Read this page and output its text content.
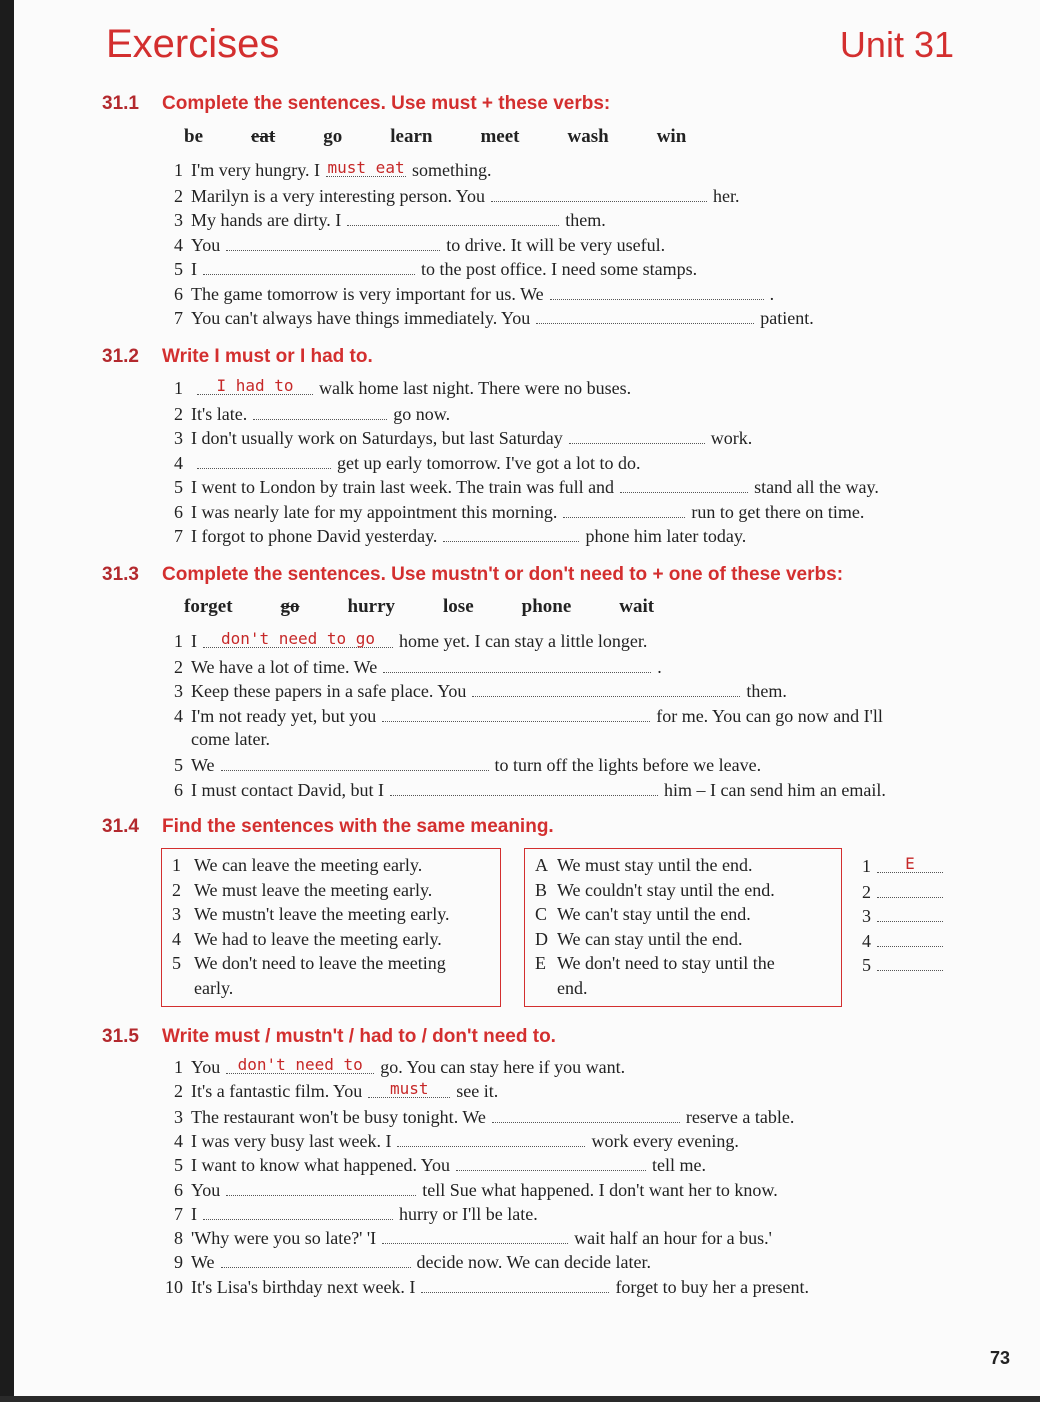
Exercises	Unit 31
31.1 Complete the sentences. Use must + these verbs:
be	eat	go	learn	meet	wash	win
1 I'm very hungry. I must eat something.
2 Marilyn is a very interesting person. You	her.
3 My hands are dirty. I	them.
4 You	to drive. It will be very useful.
5 I	to the post office. I need some stamps.
6 The game tomorrow is very important for us. We	.
7 You can't always have things immediately. You	patient.
31.2 Write I must or I had to.
1 I had to walk home last night. There were no buses.
2 It's late.	go now.
3 I don't usually work on Saturdays, but last Saturday	work.
4	get up early tomorrow. I've got a lot to do.
5 I went to London by train last week. The train was full and	stand all the way.
6 I was nearly late for my appointment this morning.	run to get there on time.
7 I forgot to phone David yesterday.	phone him later today.
31.3 Complete the sentences. Use mustn't or don't need to + one of these verbs:
forget	go	hurry	lose	phone	wait
1 I don't need to go home yet. I can stay a little longer.
2 We have a lot of time. We	.
3 Keep these papers in a safe place. You	them.
4 I'm not ready yet, but you	for me. You can go now and I'll
come later.
5 We	to turn off the lights before we leave.
6 I must contact David, but I	him – I can send him an email.
31.4 Find the sentences with the same meaning.
1 We can leave the meeting early.
2 We must leave the meeting early.
3 We mustn't leave the meeting early.
4 We had to leave the meeting early.
5 We don't need to leave the meeting
early.
A We must stay until the end.
B We couldn't stay until the end.
C We can't stay until the end.
D We can stay until the end.
E We don't need to stay until the
end.
1 E
2
3
4
5
31.5 Write must / mustn't / had to / don't need to.
1 You don't need to go. You can stay here if you want.
2 It's a fantastic film. You must see it.
3 The restaurant won't be busy tonight. We	reserve a table.
4 I was very busy last week. I	work every evening.
5 I want to know what happened. You	tell me.
6 You	tell Sue what happened. I don't want her to know.
7 I	hurry or I'll be late.
8 'Why were you so late?' 'I	wait half an hour for a bus.'
9 We	decide now. We can decide later.
10 It's Lisa's birthday next week. I	forget to buy her a present.
73
